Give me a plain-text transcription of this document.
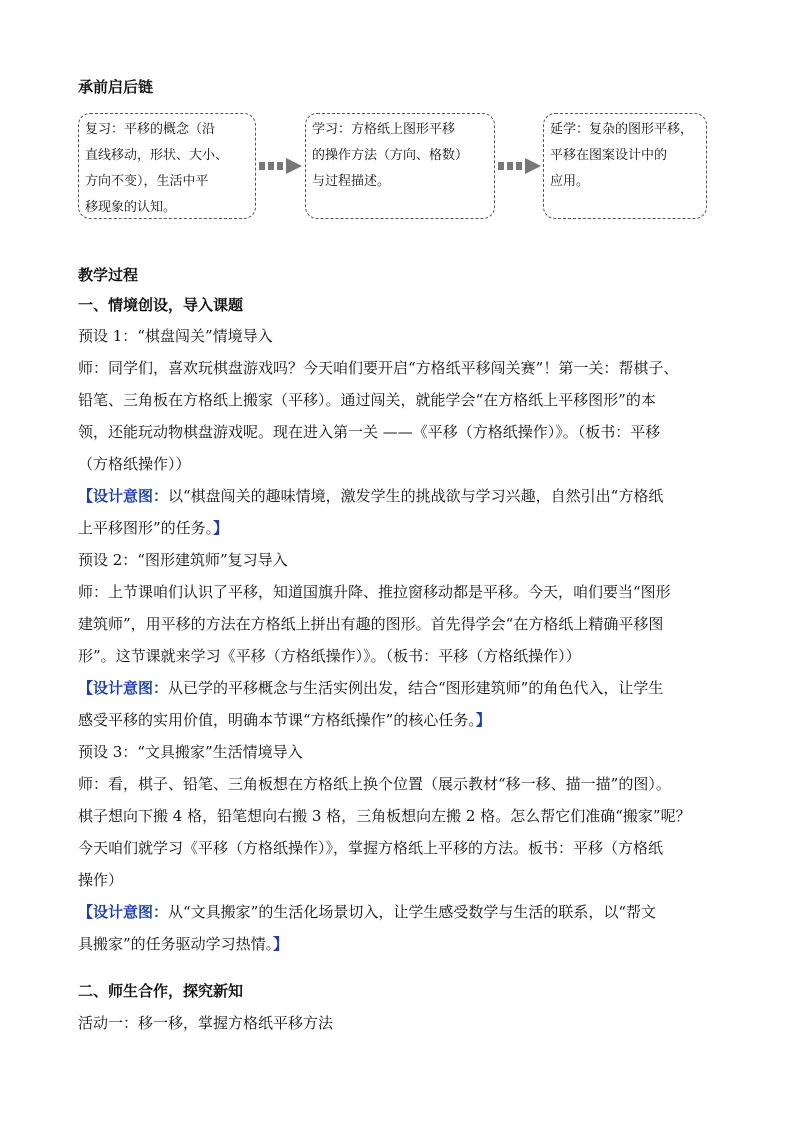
承前启后链
复习：平移的概念（沿
直线移动，形状、大小、
方向不变），生活中平
移现象的认知。
学习：方格纸上图形平移
的操作方法（方向、格数）
与过程描述。
延学：复杂的图形平移，
平移在图案设计中的
应用。
教学过程
一、情境创设，导入课题
预设 1：“棋盘闯关”情境导入
师：同学们，喜欢玩棋盘游戏吗？今天咱们要开启“方格纸平移闯关赛”！第一关：帮棋子、
铅笔、三角板在方格纸上搬家（平移）。通过闯关，就能学会“在方格纸上平移图形”的本
领，还能玩动物棋盘游戏呢。现在进入第一关 ——《平移（方格纸操作）》。（板书：平移
（方格纸操作））
【设计意图：以“棋盘闯关的趣味情境，激发学生的挑战欲与学习兴趣，自然引出“方格纸
上平移图形”的任务。】
预设 2：“图形建筑师”复习导入
师：上节课咱们认识了平移，知道国旗升降、推拉窗移动都是平移。今天，咱们要当“图形
建筑师”，用平移的方法在方格纸上拼出有趣的图形。首先得学会“在方格纸上精确平移图
形”。这节课就来学习《平移（方格纸操作）》。（板书：平移（方格纸操作））
【设计意图：从已学的平移概念与生活实例出发，结合“图形建筑师”的角色代入，让学生
感受平移的实用价值，明确本节课“方格纸操作”的核心任务。】
预设 3：“文具搬家”生活情境导入
师：看，棋子、铅笔、三角板想在方格纸上换个位置（展示教材“移一移、描一描”的图）。
棋子想向下搬 4 格，铅笔想向右搬 3 格，三角板想向左搬 2 格。怎么帮它们准确“搬家”呢？
今天咱们就学习《平移（方格纸操作）》，掌握方格纸上平移的方法。板书：平移（方格纸
操作）
【设计意图：从“文具搬家”的生活化场景切入，让学生感受数学与生活的联系，以“帮文
具搬家”的任务驱动学习热情。】
二、师生合作，探究新知
活动一：移一移，掌握方格纸平移方法
